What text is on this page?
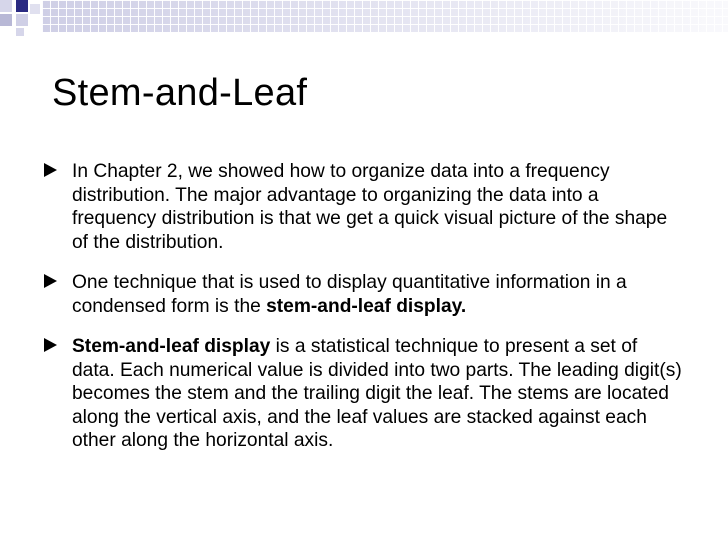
Stem-and-Leaf
In Chapter 2, we showed how to organize data into a frequency distribution. The major advantage to organizing the data into a frequency distribution is that we get a quick visual picture of the shape of the distribution.
One technique that is used to display quantitative information in a condensed form is the stem-and-leaf display.
Stem-and-leaf display is a statistical technique to present a set of data. Each numerical value is divided into two parts. The leading digit(s) becomes the stem and the trailing digit the leaf. The stems are located along the vertical axis, and the leaf values are stacked against each other along the horizontal axis.
